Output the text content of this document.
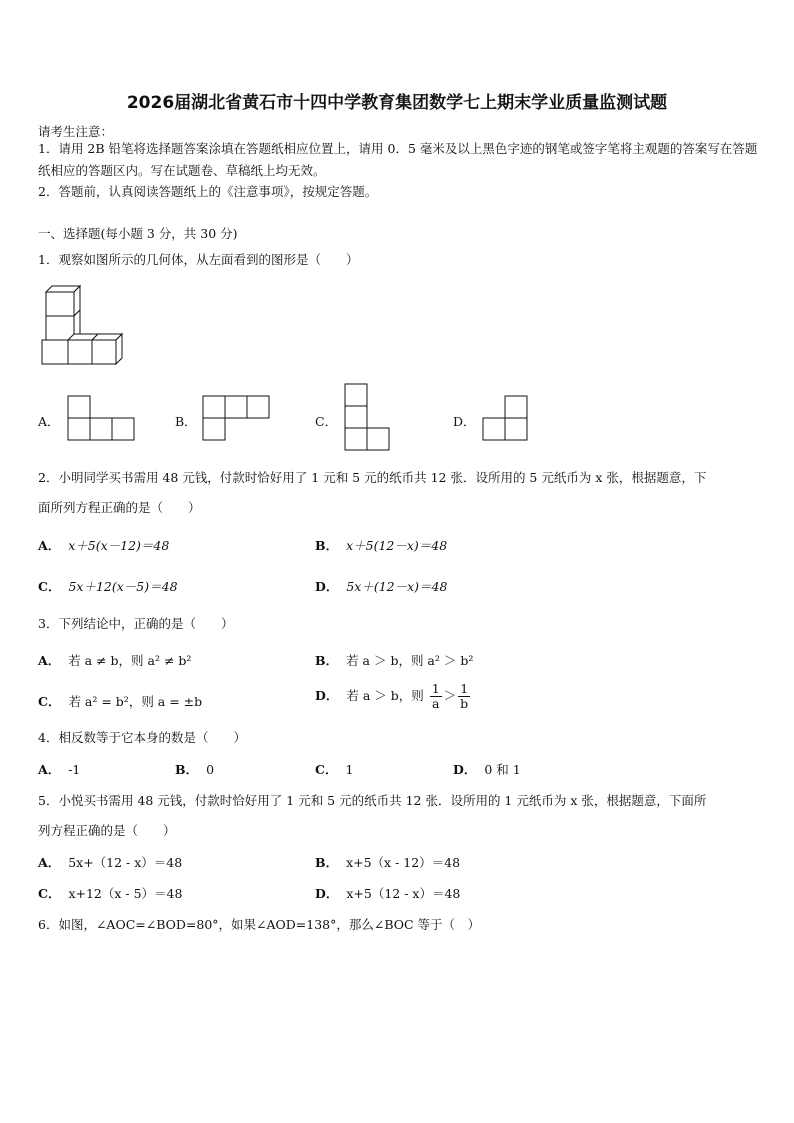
2026届湖北省黄石市十四中学教育集团数学七上期末学业质量监测试题
请考生注意：
1．请用 2B 铅笔将选择题答案涂填在答题纸相应位置上，请用 0．5 毫米及以上黑色字迹的钢笔或签字笔将主观题的答案写在答题纸相应的答题区内。写在试题卷、草稿纸上均无效。
2．答题前，认真阅读答题纸上的《注意事项》，按规定答题。
一、选择题(每小题 3 分，共 30 分)
1．观察如图所示的几何体，从左面看到的图形是（　　）
A．	B．	C．	D．
2．小明同学买书需用 48 元钱，付款时恰好用了 1 元和 5 元的纸币共 12 张．设所用的 5 元纸币为 x 张，根据题意，下
面所列方程正确的是（　　）
A． x＋5(x－12)＝48	B． x＋5(12－x)＝48
C． 5x＋12(x－5)＝48	D． 5x＋(12－x)＝48
3．下列结论中，正确的是（　　）
A． 若 a ≠ b，则 a² ≠ b²	B． 若 a ＞ b，则 a² ＞ b²
C． 若 a² = b²，则 a = ±b	D． 若 a ＞ b，则 $\frac{1}{a} > \frac{1}{b}$
4．相反数等于它本身的数是（　　）
A． -1	B． 0	C． 1	D． 0 和 1
5．小悦买书需用 48 元钱，付款时恰好用了 1 元和 5 元的纸币共 12 张．设所用的 1 元纸币为 x 张，根据题意，下面所
列方程正确的是（　　）
A． 5x+（12 - x）＝48	B． x+5（x - 12）＝48
C． x+12（x - 5）＝48	D． x+5（12 - x）＝48
6．如图，∠AOC=∠BOD=80°，如果∠AOD=138°，那么∠BOC 等于（　）
